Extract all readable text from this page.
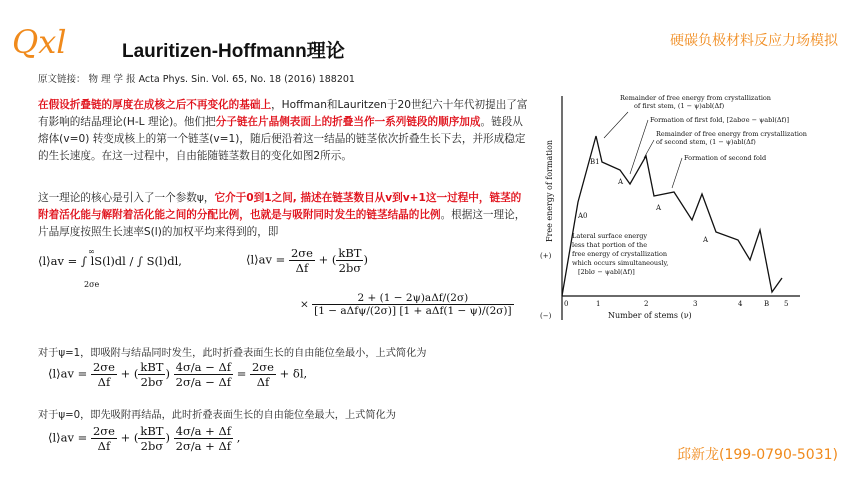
Qxl	Lauritizen-Hoffmann理论	硬碳负极材料反应力场模拟
原文链接： 物 理 学 报 Acta Phys. Sin. Vol. 65, No. 18 (2016) 188201
在假设折叠链的厚度在成核之后不再变化的基础上，Hoffman和Lauritzen于20世纪六十年代初提出了富有影响的结晶理论(H-L 理论)。他们把分子链在片晶侧表面上的折叠当作一系列链段的顺序加成。链段从熔体(v=0) 转变成核上的第一个链茎(v=1)，随后便沿着这一结晶的链茎依次折叠生长下去，并形成稳定的生长速度。在这一过程中，自由能随链茎数目的变化如图2所示。
这一理论的核心是引入了一个参数ψ，它介于0到1之间, 描述在链茎数目从v到v+1这一过程中，链茎的附着活化能与解附着活化能之间的分配比例，也就是与吸附同时发生的链茎结晶的比例。根据这一理论，片晶厚度按照生长速率S(l)的加权平均来得到的，即
⟨l⟩av = ∫ lS(l)dl / ∫ S(l)dl,
∞
2σe
⟨l⟩av = $\frac{2\sigma e}{\Delta f}$ + ( $\frac{\text{kBT}}{2b\sigma}$ )
× $\frac{\text{2 + (1 − 2ψ)aΔf/(2σ)}}{\text{[1 − aΔfψ/(2σ)] [1 + aΔf(1 − ψ)/(2σ)]}}$
对于ψ=1，即吸附与结晶同时发生，此时折叠表面生长的自由能位垒最小，上式简化为
⟨l⟩av = $\frac{2\sigma e}{\Delta f}$ + ( $\frac{\text{kBT}}{2b\sigma}$ ) $\frac{4\sigma/a - \Delta f}{2\sigma/a - \Delta f} = \frac{2\sigma e}{\Delta f} + \delta l$,
对于ψ=0，即先吸附再结晶，此时折叠表面生长的自由能位垒最大，上式简化为
⟨l⟩av = $\frac{2\sigma e}{\Delta f}$ + ( $\frac{\text{kBT}}{2b\sigma}$ ) $\frac{4\sigma/a + \Delta f}{2\sigma/a + \Delta f}$ ,
Free energy of formation
(+)
(−)	Number of stems (ν)
0	1	2	3	4	5
A0
B1
A
A
A
B
Remainder of free energy from crystallization
of first stem, (1 − ψ)abl(Δf)
Formation of first fold, [2abσe − ψabl(Δf)]
Remainder of free energy from crystallization
of second stem, (1 − ψ)abl(Δf)
Formation of second fold
Lateral surface energy
less that portion of the
free energy of crystallization
which occurs simultaneously,
[2blσ − ψabl(Δf)]
邱新龙(199-0790-5031)
